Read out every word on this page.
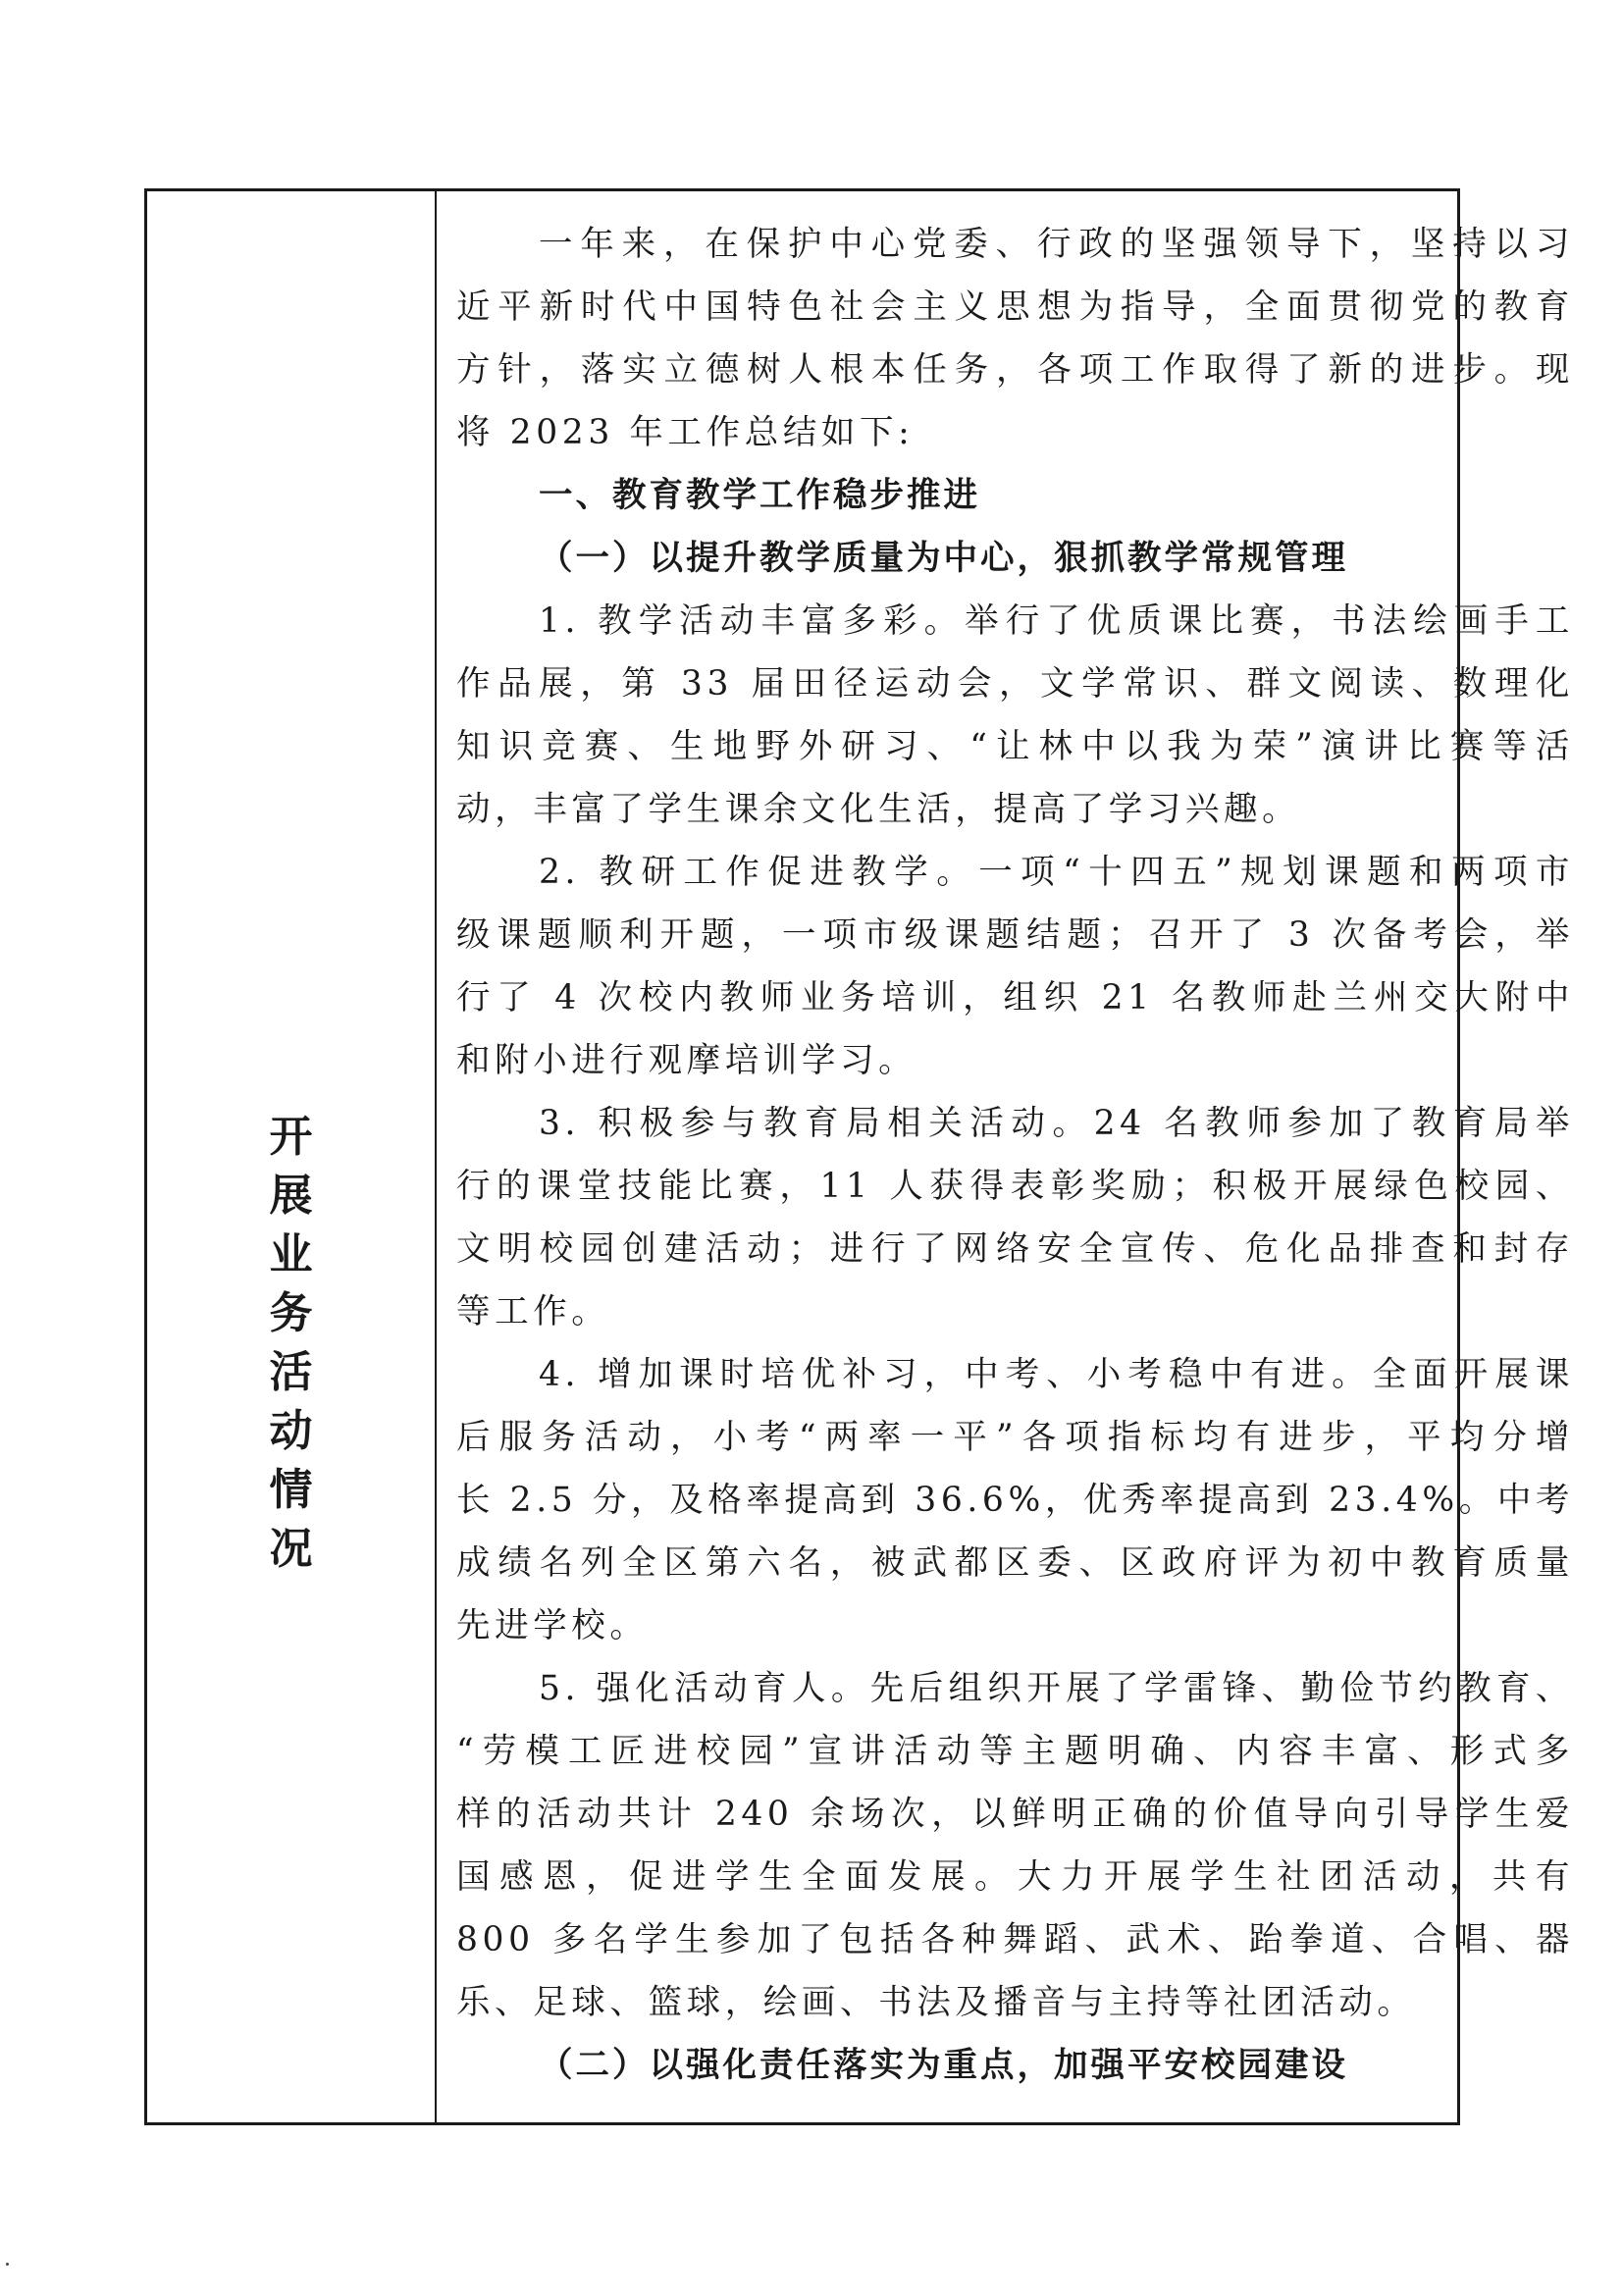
开
展
业
务
活
动
情
况
一年来，在保护中心党委、行政的坚强领导下，坚持以习
近平新时代中国特色社会主义思想为指导，全面贯彻党的教育
方针，落实立德树人根本任务，各项工作取得了新的进步。现
将 2023 年工作总结如下:
一、教育教学工作稳步推进
（一）以提升教学质量为中心，狠抓教学常规管理
1. 教学活动丰富多彩。举行了优质课比赛，书法绘画手工
作品展，第 33 届田径运动会，文学常识、群文阅读、数理化
知识竞赛、生地野外研习、“让林中以我为荣”演讲比赛等活
动，丰富了学生课余文化生活，提高了学习兴趣。
2. 教研工作促进教学。一项“十四五”规划课题和两项市
级课题顺利开题，一项市级课题结题；召开了 3 次备考会，举
行了 4 次校内教师业务培训，组织 21 名教师赴兰州交大附中
和附小进行观摩培训学习。
3. 积极参与教育局相关活动。24 名教师参加了教育局举
行的课堂技能比赛，11 人获得表彰奖励；积极开展绿色校园、
文明校园创建活动；进行了网络安全宣传、危化品排查和封存
等工作。
4. 增加课时培优补习，中考、小考稳中有进。全面开展课
后服务活动，小考“两率一平”各项指标均有进步，平均分增
长 2.5 分，及格率提高到 36.6%，优秀率提高到 23.4%。中考
成绩名列全区第六名，被武都区委、区政府评为初中教育质量
先进学校。
5. 强化活动育人。先后组织开展了学雷锋、勤俭节约教育、
“劳模工匠进校园”宣讲活动等主题明确、内容丰富、形式多
样的活动共计 240 余场次，以鲜明正确的价值导向引导学生爱
国感恩，促进学生全面发展。大力开展学生社团活动，共有
800 多名学生参加了包括各种舞蹈、武术、跆拳道、合唱、器
乐、足球、篮球，绘画、书法及播音与主持等社团活动。
（二）以强化责任落实为重点，加强平安校园建设
